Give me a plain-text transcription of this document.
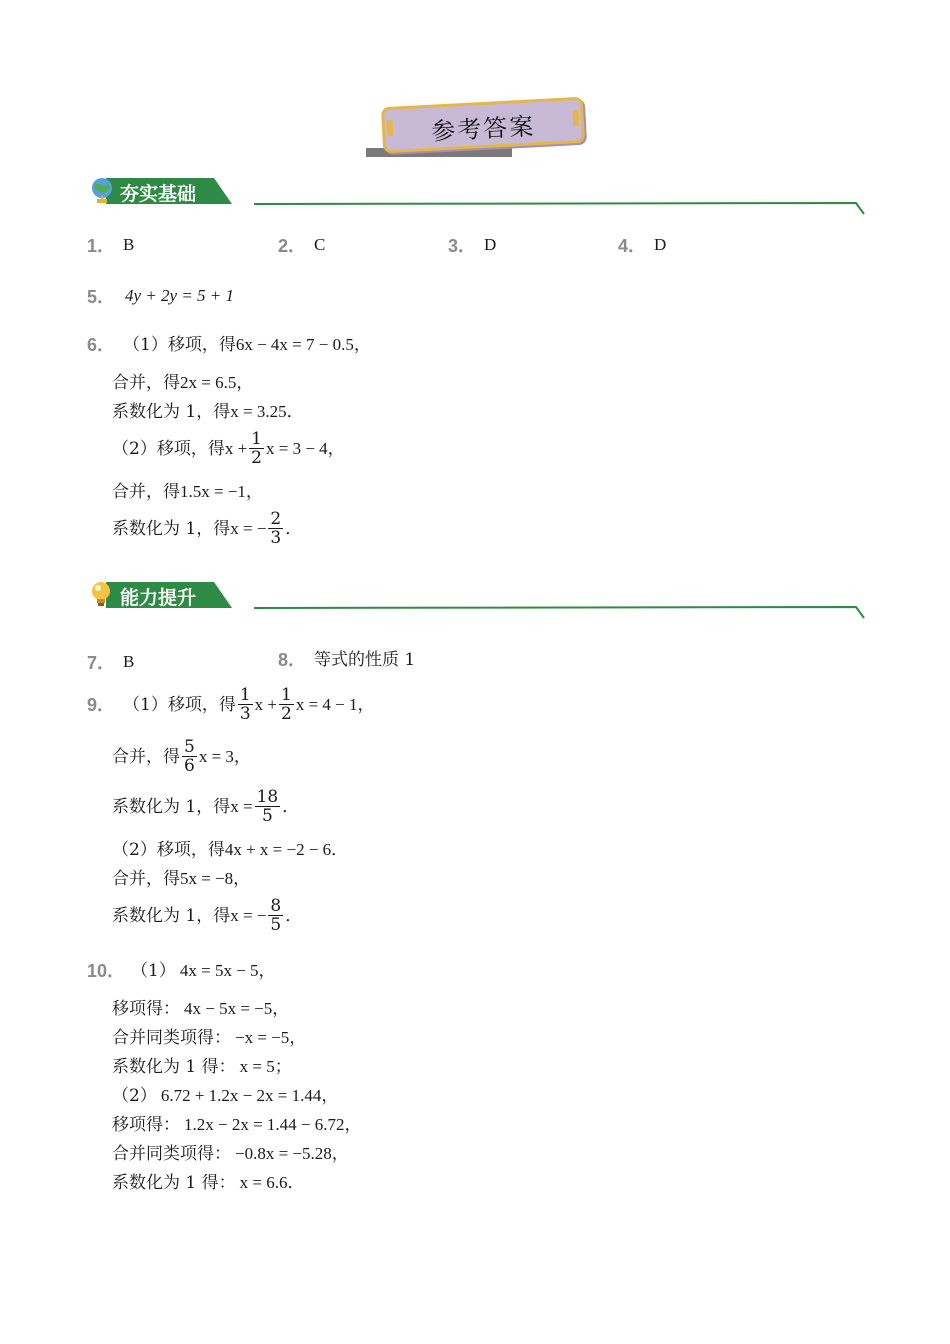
参考答案
夯实基础
1． B	2． C	3． D	4． D
5． 4y + 2y = 5 + 1
6． （1）移项，得 6x − 4x = 7 − 0.5，
合并，得 2x = 6.5，
系数化为 1，得 x = 3.25．
（2）移项，得 $x + \frac{1}{2}$ x = 3 − 4，
合并，得 1.5x = −1，
系数化为 1，得 x = − $\frac{2}{3}$ ．
能力提升
7． B	8． 等式的性质 1
9． （1）移项，得 $\frac{1}{3}$ $x + \frac{1}{2}$ x = 4 − 1，
合并，得 $\frac{5}{6}$ x = 3，
系数化为 1，得 $x = \frac{18}{5}$ ．
（2）移项，得 4x + x = −2 − 6．
合并，得 5x = −8，
系数化为 1，得 x = − $\frac{8}{5}$ ．
10． （1） 4x = 5x − 5，
移项得： 4x − 5x = −5，
合并同类项得： −x = −5，
系数化为 1 得： x = 5；
（2） 6.72 + 1.2x − 2x = 1.44，
移项得： 1.2x − 2x = 1.44 − 6.72，
合并同类项得： −0.8x = −5.28，
系数化为 1 得： x = 6.6．
